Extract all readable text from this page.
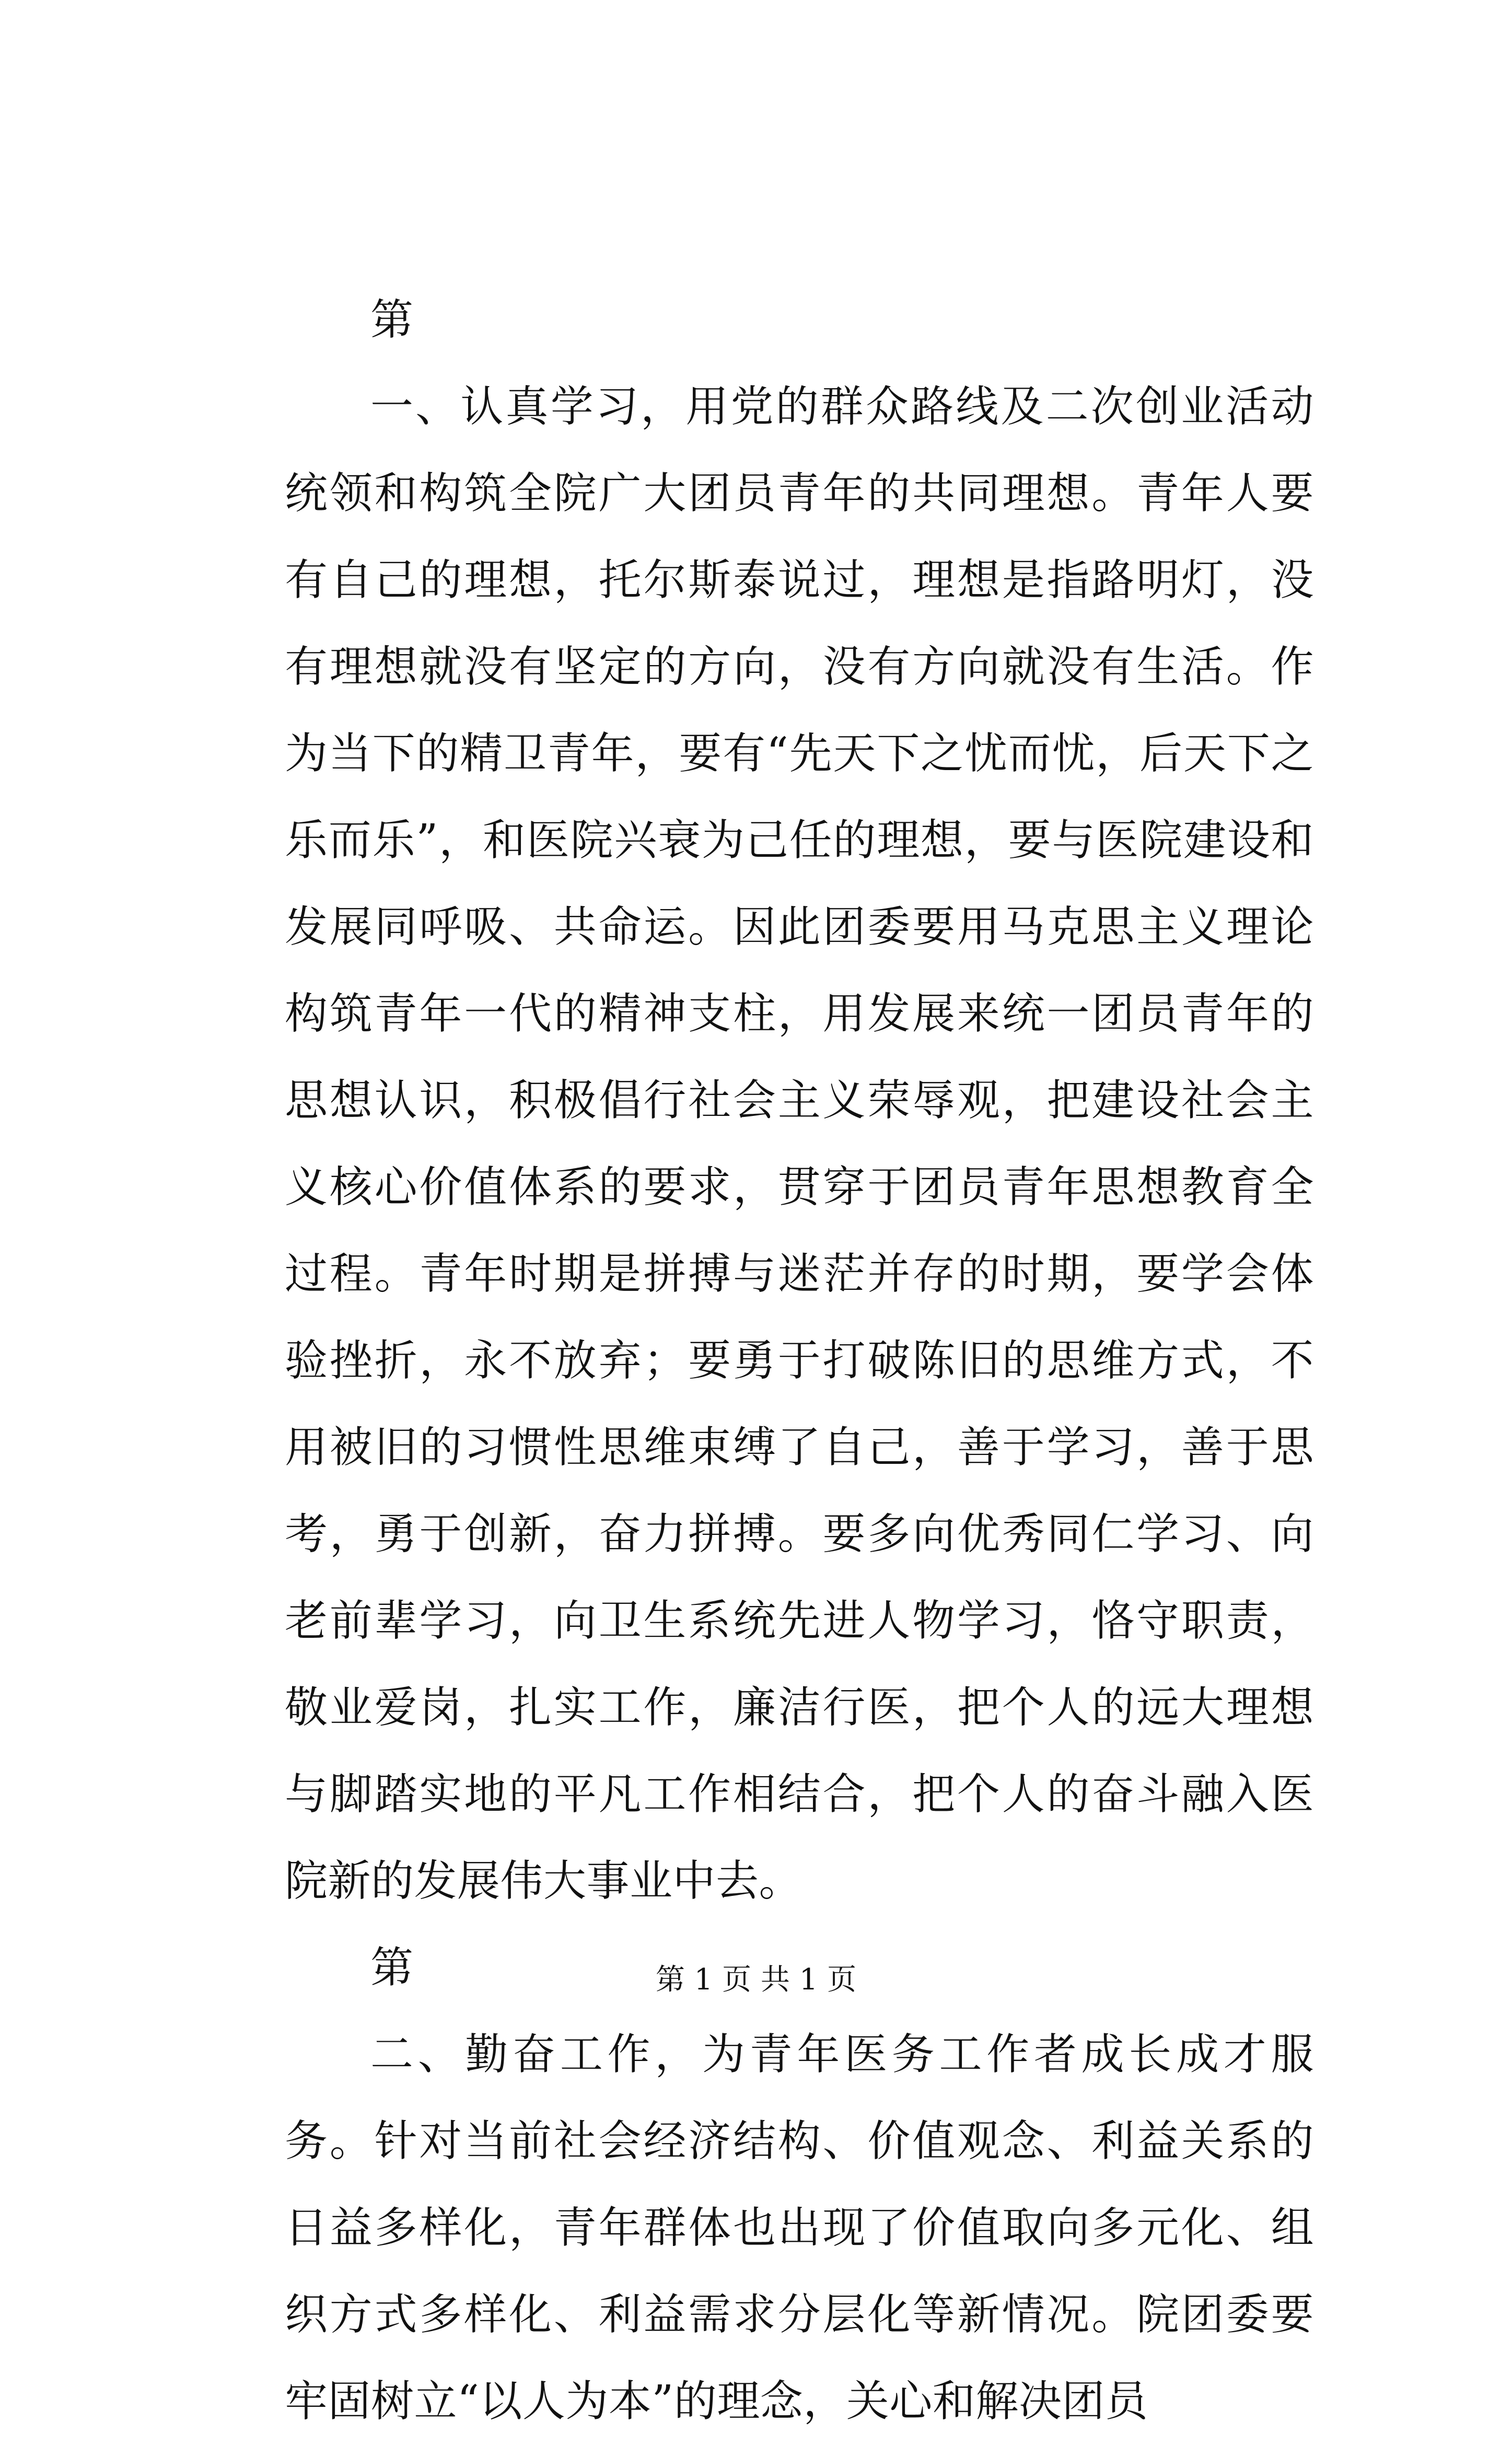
第

一、认真学习，用党的群众路线及二次创业活动统领和构筑全院广大团员青年的共同理想。青年人要有自己的理想，托尔斯泰说过，理想是指路明灯，没有理想就没有坚定的方向，没有方向就没有生活。作为当下的精卫青年，要有“先天下之忧而忧，后天下之乐而乐”，和医院兴衰为己任的理想，要与医院建设和发展同呼吸、共命运。因此团委要用马克思主义理论构筑青年一代的精神支柱，用发展来统一团员青年的思想认识，积极倡行社会主义荣辱观，把建设社会主义核心价值体系的要求，贯穿于团员青年思想教育全过程。青年时期是拼搏与迷茫并存的时期，要学会体验挫折，永不放弃；要勇于打破陈旧的思维方式，不用被旧的习惯性思维束缚了自己，善于学习，善于思考，勇于创新，奋力拼搏。要多向优秀同仁学习、向老前辈学习，向卫生系统先进人物学习，恪守职责，敬业爱岗，扎实工作，廉洁行医，把个人的远大理想与脚踏实地的平凡工作相结合，把个人的奋斗融入医院新的发展伟大事业中去。

第

二、勤奋工作，为青年医务工作者成长成才服务。针对当前社会经济结构、价值观念、利益关系的日益多样化，青年群体也出现了价值取向多元化、组织方式多样化、利益需求分层化等新情况。院团委要牢固树立“以人为本”的理念，关心和解决团员

第 1 页 共 1 页
